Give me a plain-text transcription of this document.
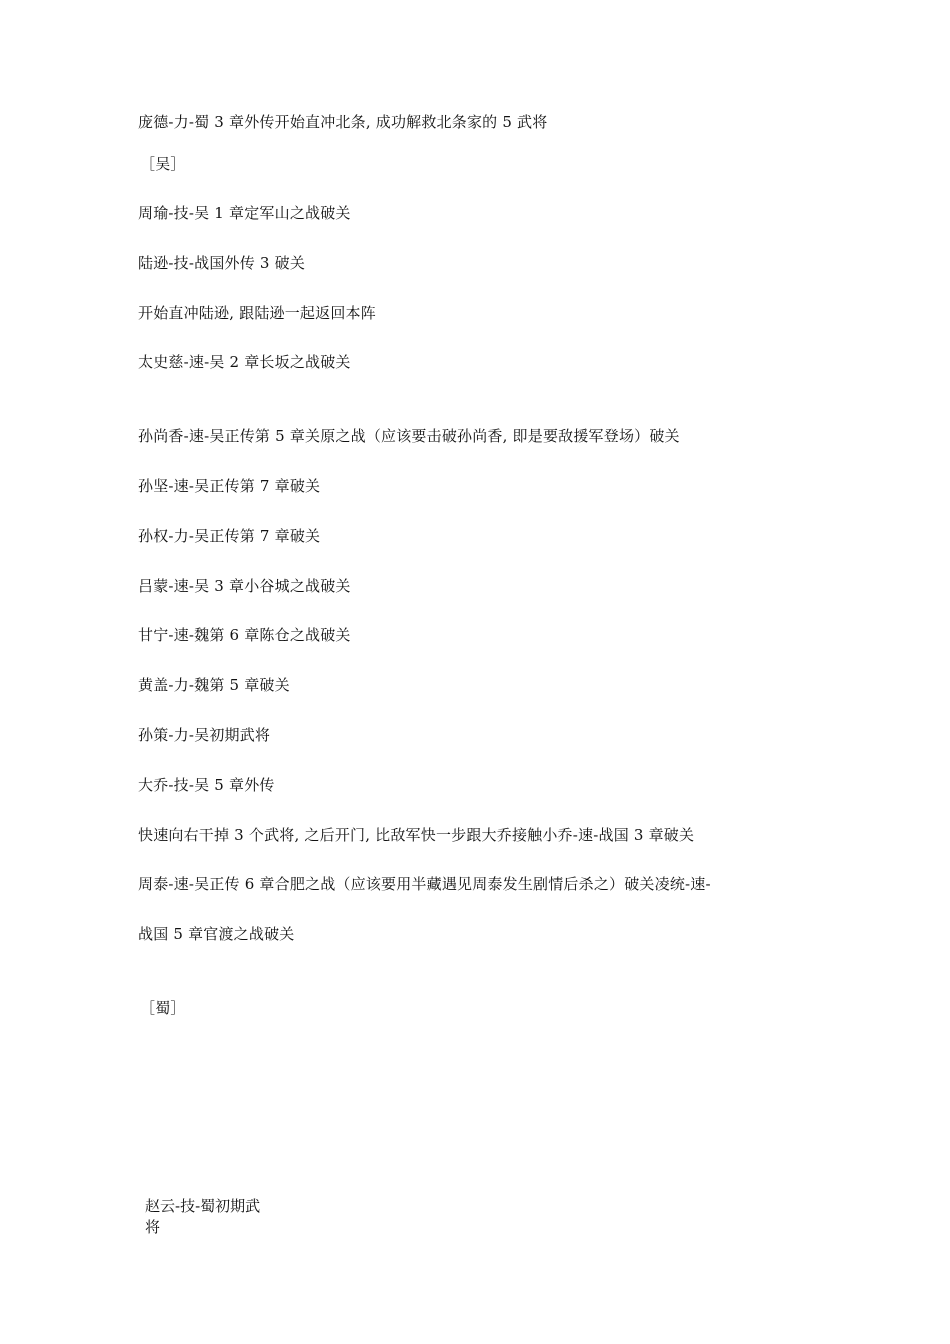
庞德-力-蜀 3 章外传开始直冲北条, 成功解救北条家的 5 武将
［吴］
周瑜-技-吴 1 章定军山之战破关
陆逊-技-战国外传 3 破关
开始直冲陆逊, 跟陆逊一起返回本阵
太史慈-速-吴 2 章长坂之战破关
孙尚香-速-吴正传第 5 章关原之战（应该要击破孙尚香, 即是要敌援军登场）破关
孙坚-速-吴正传第 7 章破关
孙权-力-吴正传第 7 章破关
吕蒙-速-吴 3 章小谷城之战破关
甘宁-速-魏第 6 章陈仓之战破关
黄盖-力-魏第 5 章破关
孙策-力-吴初期武将
大乔-技-吴 5 章外传
快速向右干掉 3 个武将, 之后开门, 比敌军快一步跟大乔接触小乔-速-战国 3 章破关
周泰-速-吴正传 6 章合肥之战（应该要用半藏遇见周泰发生剧情后杀之）破关凌统-速-
战国 5 章官渡之战破关
［蜀］
赵云-技-蜀初期武
将
